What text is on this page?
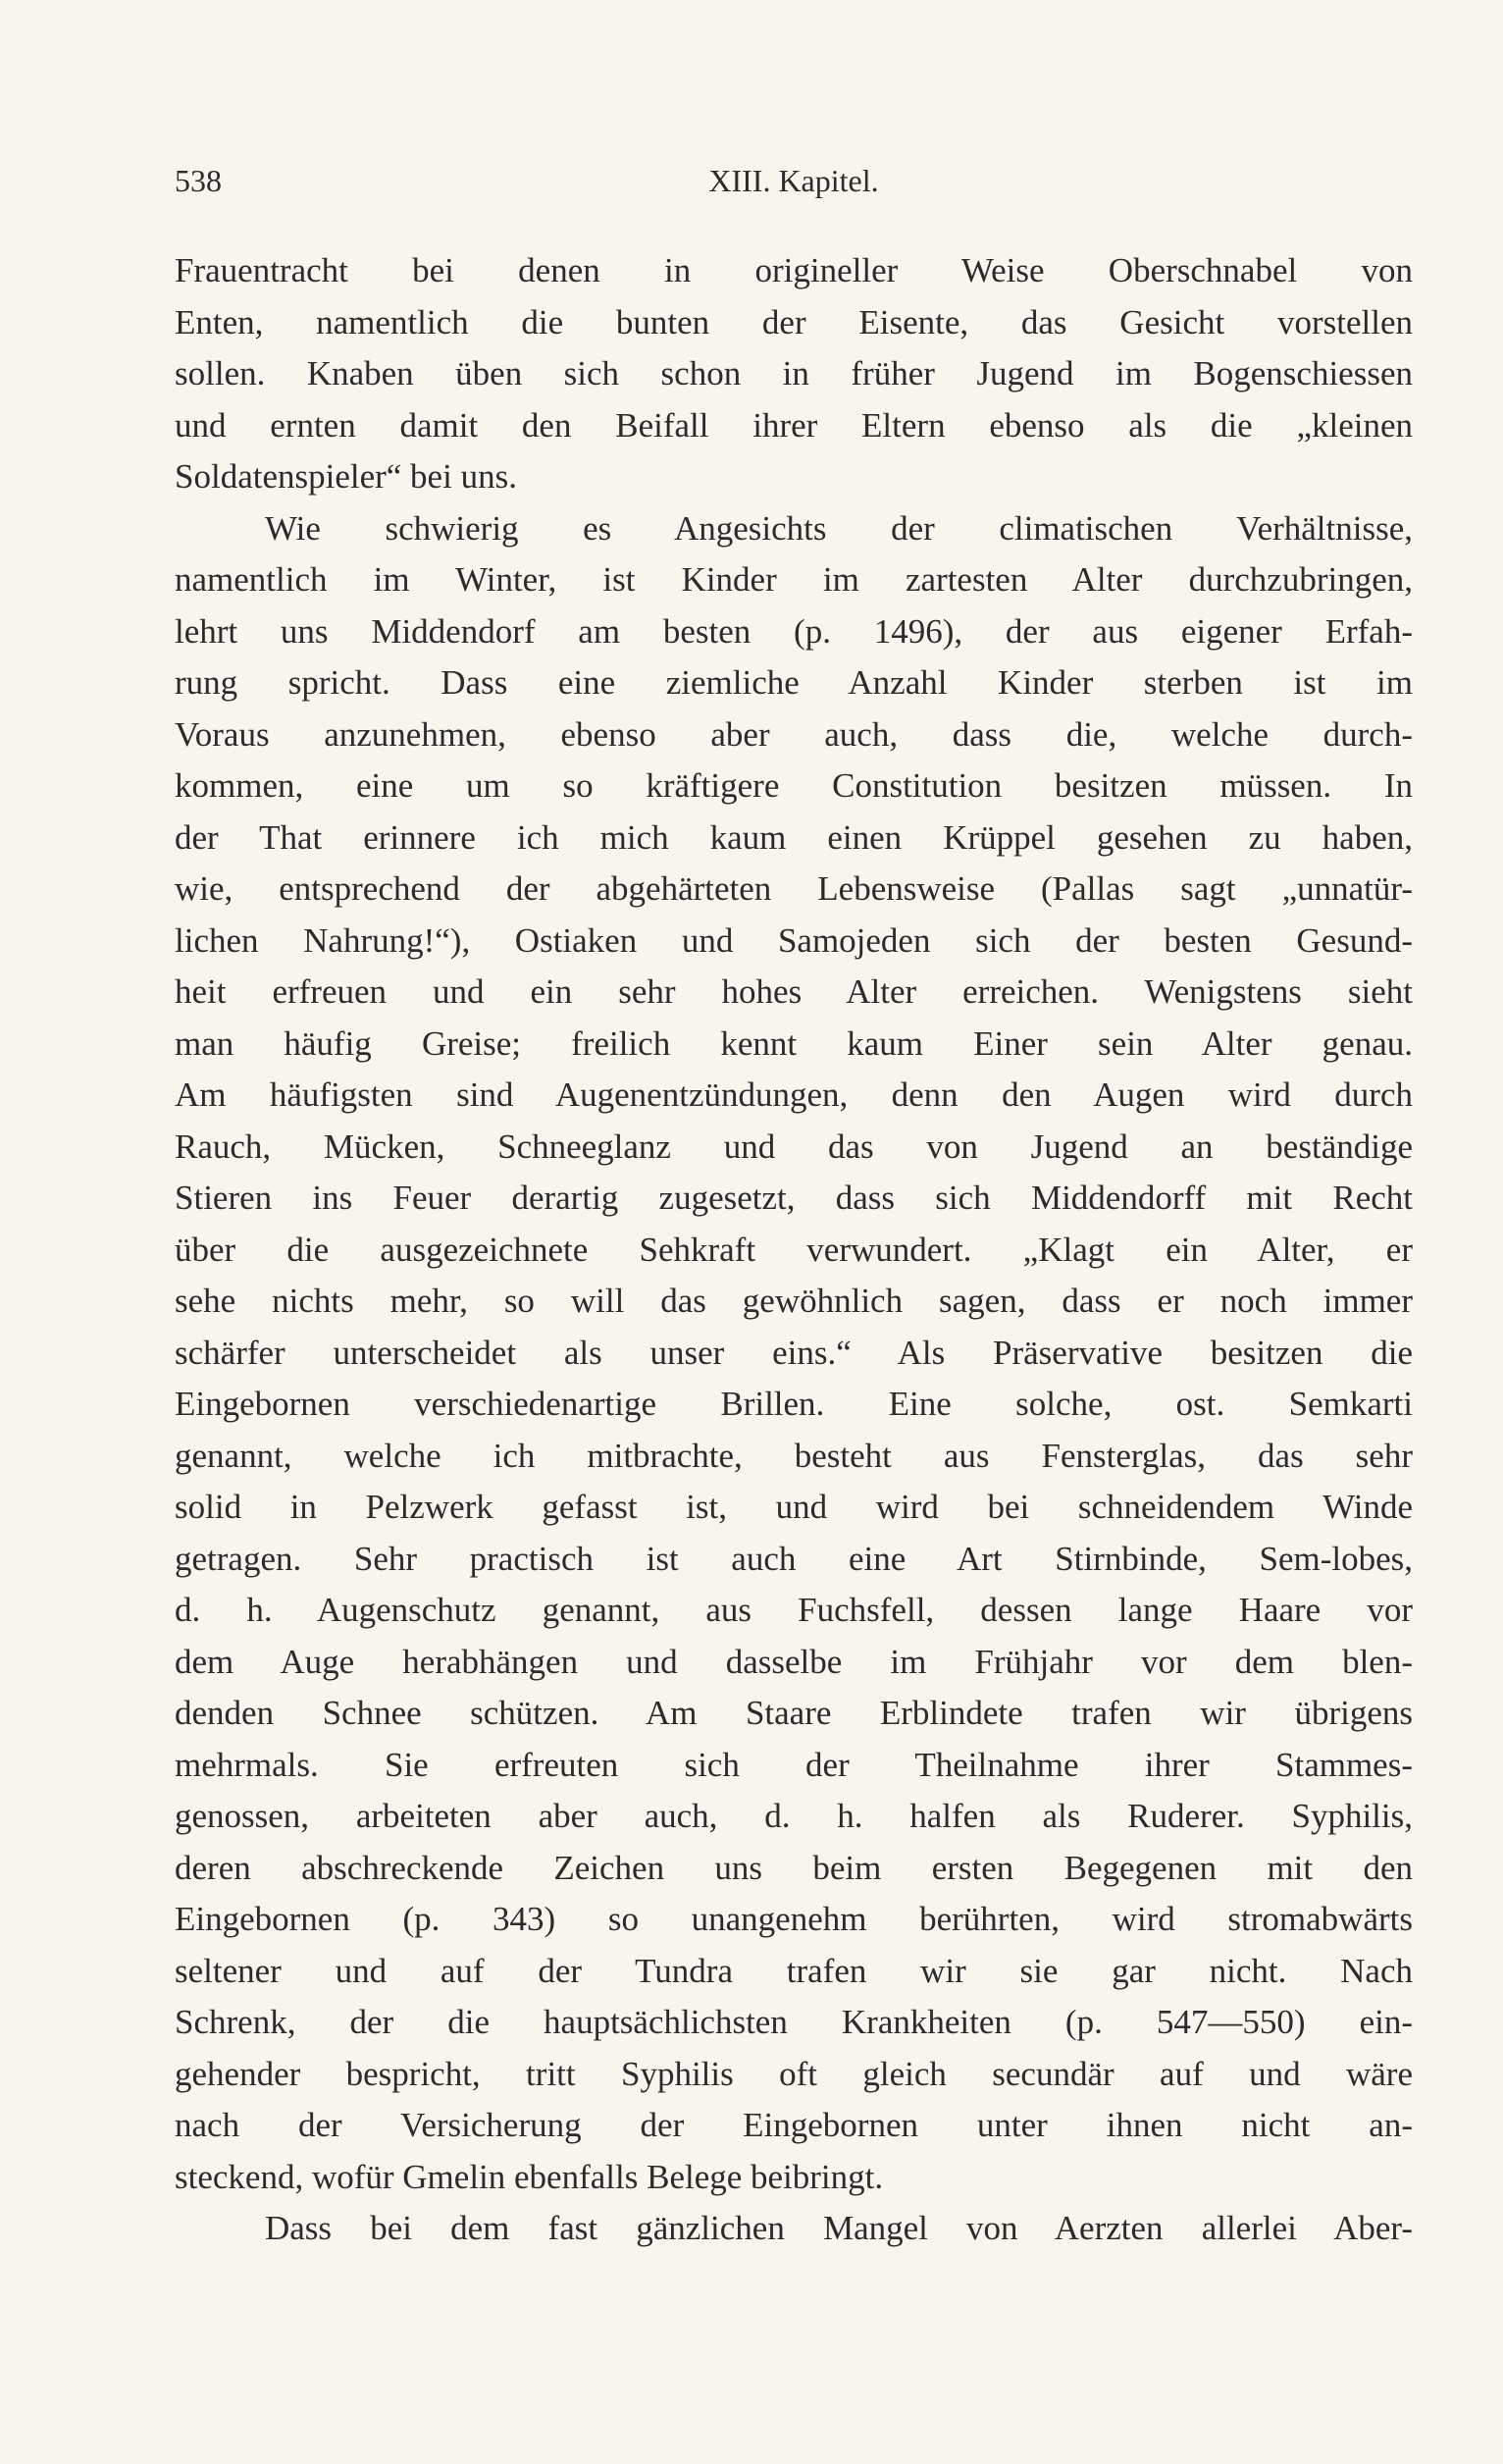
538	XIII. Kapitel.
Frauentracht bei denen in origineller Weise Oberschnabel von
Enten, namentlich die bunten der Eisente, das Gesicht vorstellen
sollen. Knaben üben sich schon in früher Jugend im Bogenschiessen
und ernten damit den Beifall ihrer Eltern ebenso als die „kleinen
Soldatenspieler“ bei uns.
Wie schwierig es Angesichts der climatischen Verhältnisse,
namentlich im Winter, ist Kinder im zartesten Alter durchzubringen,
lehrt uns Middendorf am besten (p. 1496), der aus eigener Erfah-
rung spricht. Dass eine ziemliche Anzahl Kinder sterben ist im
Voraus anzunehmen, ebenso aber auch, dass die, welche durch-
kommen, eine um so kräftigere Constitution besitzen müssen. In
der That erinnere ich mich kaum einen Krüppel gesehen zu haben,
wie, entsprechend der abgehärteten Lebensweise (Pallas sagt „unnatür-
lichen Nahrung!“), Ostiaken und Samojeden sich der besten Gesund-
heit erfreuen und ein sehr hohes Alter erreichen. Wenigstens sieht
man häufig Greise; freilich kennt kaum Einer sein Alter genau.
Am häufigsten sind Augenentzündungen, denn den Augen wird durch
Rauch, Mücken, Schneeglanz und das von Jugend an beständige
Stieren ins Feuer derartig zugesetzt, dass sich Middendorff mit Recht
über die ausgezeichnete Sehkraft verwundert. „Klagt ein Alter, er
sehe nichts mehr, so will das gewöhnlich sagen, dass er noch immer
schärfer unterscheidet als unser eins.“ Als Präservative besitzen die
Eingebornen verschiedenartige Brillen. Eine solche, ost. Semkarti
genannt, welche ich mitbrachte, besteht aus Fensterglas, das sehr
solid in Pelzwerk gefasst ist, und wird bei schneidendem Winde
getragen. Sehr practisch ist auch eine Art Stirnbinde, Sem-lobes,
d. h. Augenschutz genannt, aus Fuchsfell, dessen lange Haare vor
dem Auge herabhängen und dasselbe im Frühjahr vor dem blen-
denden Schnee schützen. Am Staare Erblindete trafen wir übrigens
mehrmals. Sie erfreuten sich der Theilnahme ihrer Stammes-
genossen, arbeiteten aber auch, d. h. halfen als Ruderer. Syphilis,
deren abschreckende Zeichen uns beim ersten Begegenen mit den
Eingebornen (p. 343) so unangenehm berührten, wird stromabwärts
seltener und auf der Tundra trafen wir sie gar nicht. Nach
Schrenk, der die hauptsächlichsten Krankheiten (p. 547—550) ein-
gehender bespricht, tritt Syphilis oft gleich secundär auf und wäre
nach der Versicherung der Eingebornen unter ihnen nicht an-
steckend, wofür Gmelin ebenfalls Belege beibringt.
Dass bei dem fast gänzlichen Mangel von Aerzten allerlei Aber-
